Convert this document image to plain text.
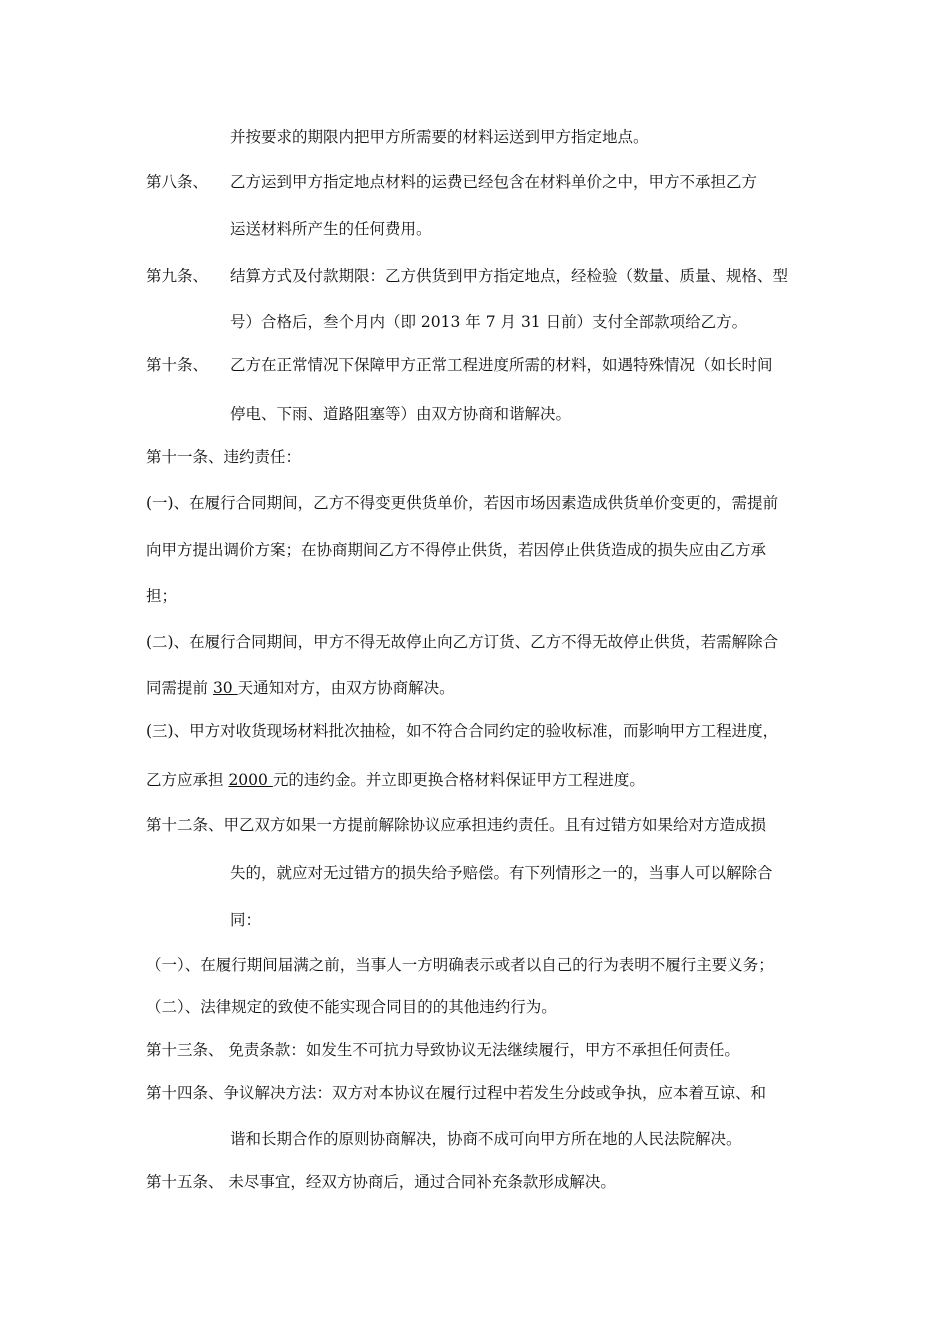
并按要求的期限内把甲方所需要的材料运送到甲方指定地点。

第八条、 乙方运到甲方指定地点材料的运费已经包含在材料单价之中，甲方不承担乙方

运送材料所产生的任何费用。

第九条、 结算方式及付款期限：乙方供货到甲方指定地点，经检验（数量、质量、规格、型

号）合格后，叁个月内（即 2013 年 7 月 31 日前）支付全部款项给乙方。

第十条、 乙方在正常情况下保障甲方正常工程进度所需的材料，如遇特殊情况（如长时间

停电、下雨、道路阻塞等）由双方协商和谐解决。

第十一条、违约责任：

(一)、在履行合同期间，乙方不得变更供货单价，若因市场因素造成供货单价变更的，需提前

向甲方提出调价方案；在协商期间乙方不得停止供货，若因停止供货造成的损失应由乙方承

担；

(二)、在履行合同期间，甲方不得无故停止向乙方订货、乙方不得无故停止供货，若需解除合

同需提前 30 天通知对方，由双方协商解决。

(三)、甲方对收货现场材料批次抽检，如不符合合同约定的验收标准，而影响甲方工程进度，

乙方应承担 2000 元的违约金。并立即更换合格材料保证甲方工程进度。

第十二条、甲乙双方如果一方提前解除协议应承担违约责任。且有过错方如果给对方造成损

失的，就应对无过错方的损失给予赔偿。有下列情形之一的，当事人可以解除合

同：

（一）、在履行期间届满之前，当事人一方明确表示或者以自己的行为表明不履行主要义务；

（二）、法律规定的致使不能实现合同目的的其他违约行为。

第十三条、 免责条款：如发生不可抗力导致协议无法继续履行，甲方不承担任何责任。

第十四条、争议解决方法：双方对本协议在履行过程中若发生分歧或争执，应本着互谅、和

谐和长期合作的原则协商解决，协商不成可向甲方所在地的人民法院解决。

第十五条、 未尽事宜，经双方协商后，通过合同补充条款形成解决。
